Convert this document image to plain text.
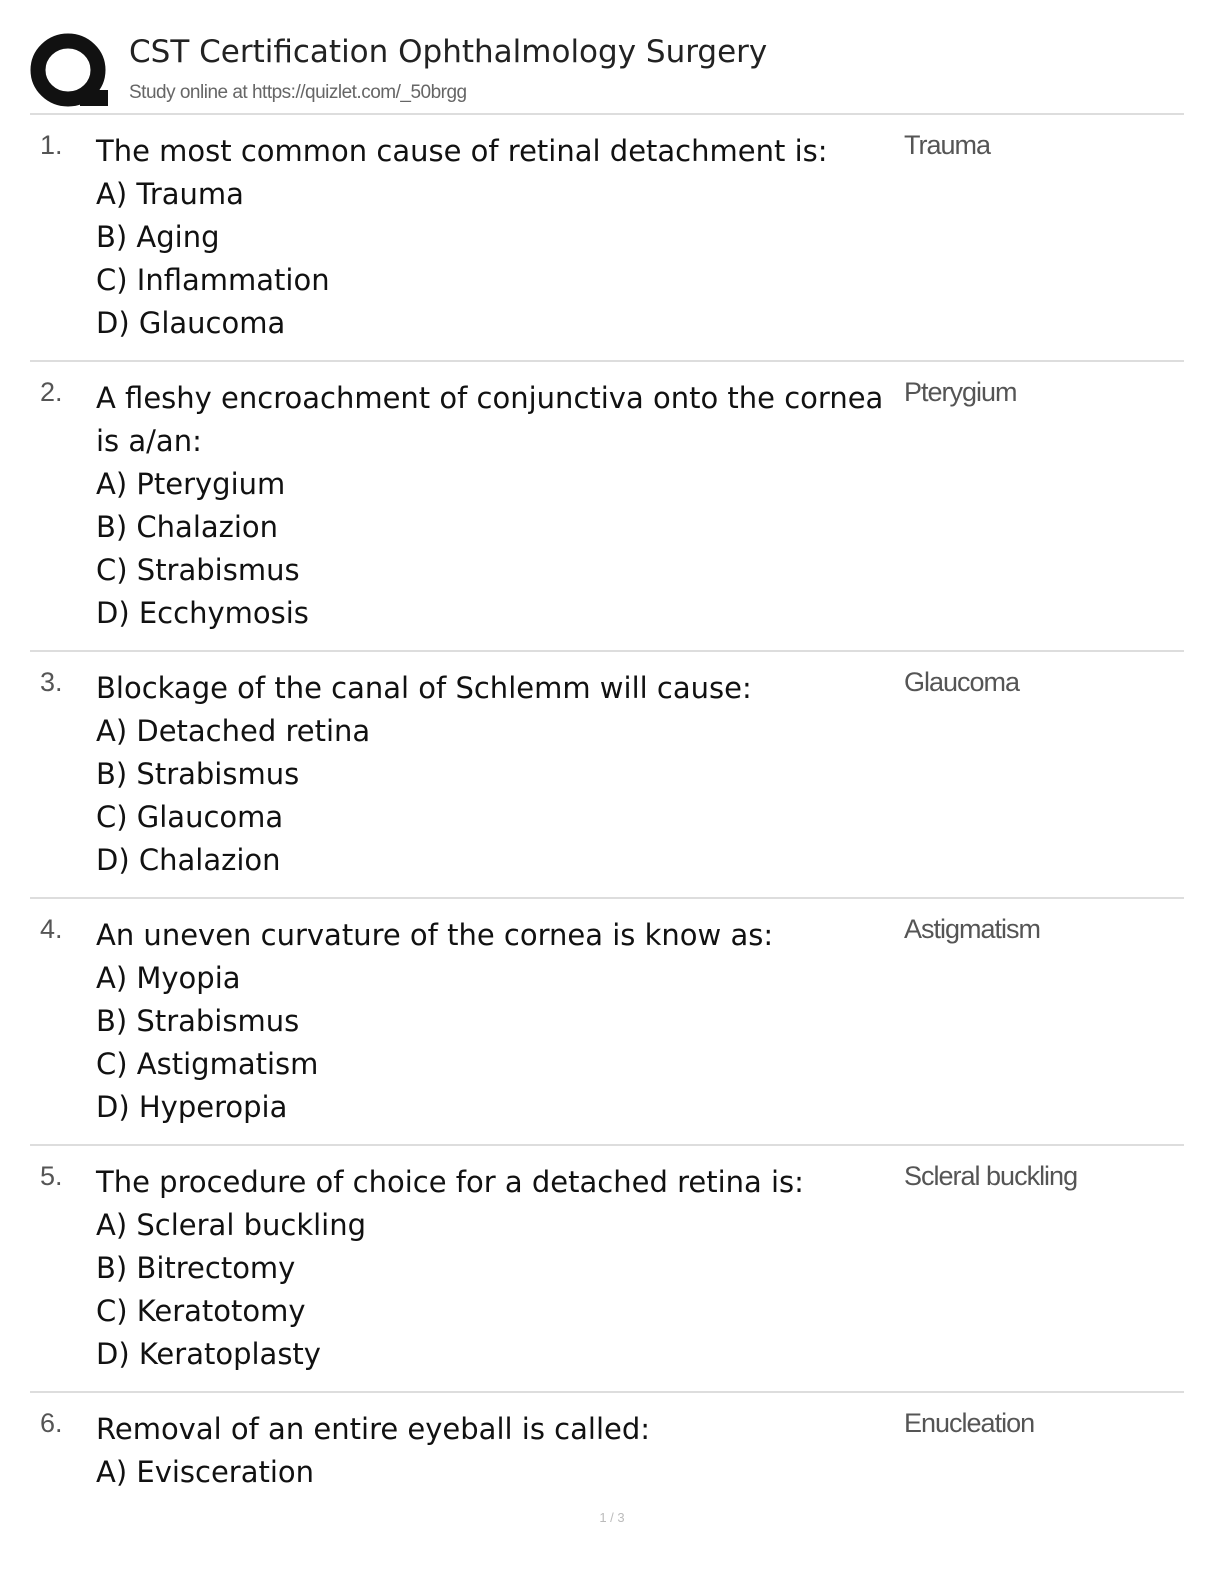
CST Certification Ophthalmology Surgery
Study online at https://quizlet.com/_50brgg
1. The most common cause of retinal detachment is:
A) Trauma
B) Aging
C) Inflammation
D) Glaucoma
Trauma
2. A fleshy encroachment of conjunctiva onto the cornea
is a/an:
A) Pterygium
B) Chalazion
C) Strabismus
D) Ecchymosis
Pterygium
3. Blockage of the canal of Schlemm will cause:
A) Detached retina
B) Strabismus
C) Glaucoma
D) Chalazion
Glaucoma
4. An uneven curvature of the cornea is know as:
A) Myopia
B) Strabismus
C) Astigmatism
D) Hyperopia
Astigmatism
5. The procedure of choice for a detached retina is:
A) Scleral buckling
B) Bitrectomy
C) Keratotomy
D) Keratoplasty
Scleral buckling
6. Removal of an entire eyeball is called:
A) Evisceration
Enucleation
1 / 3
